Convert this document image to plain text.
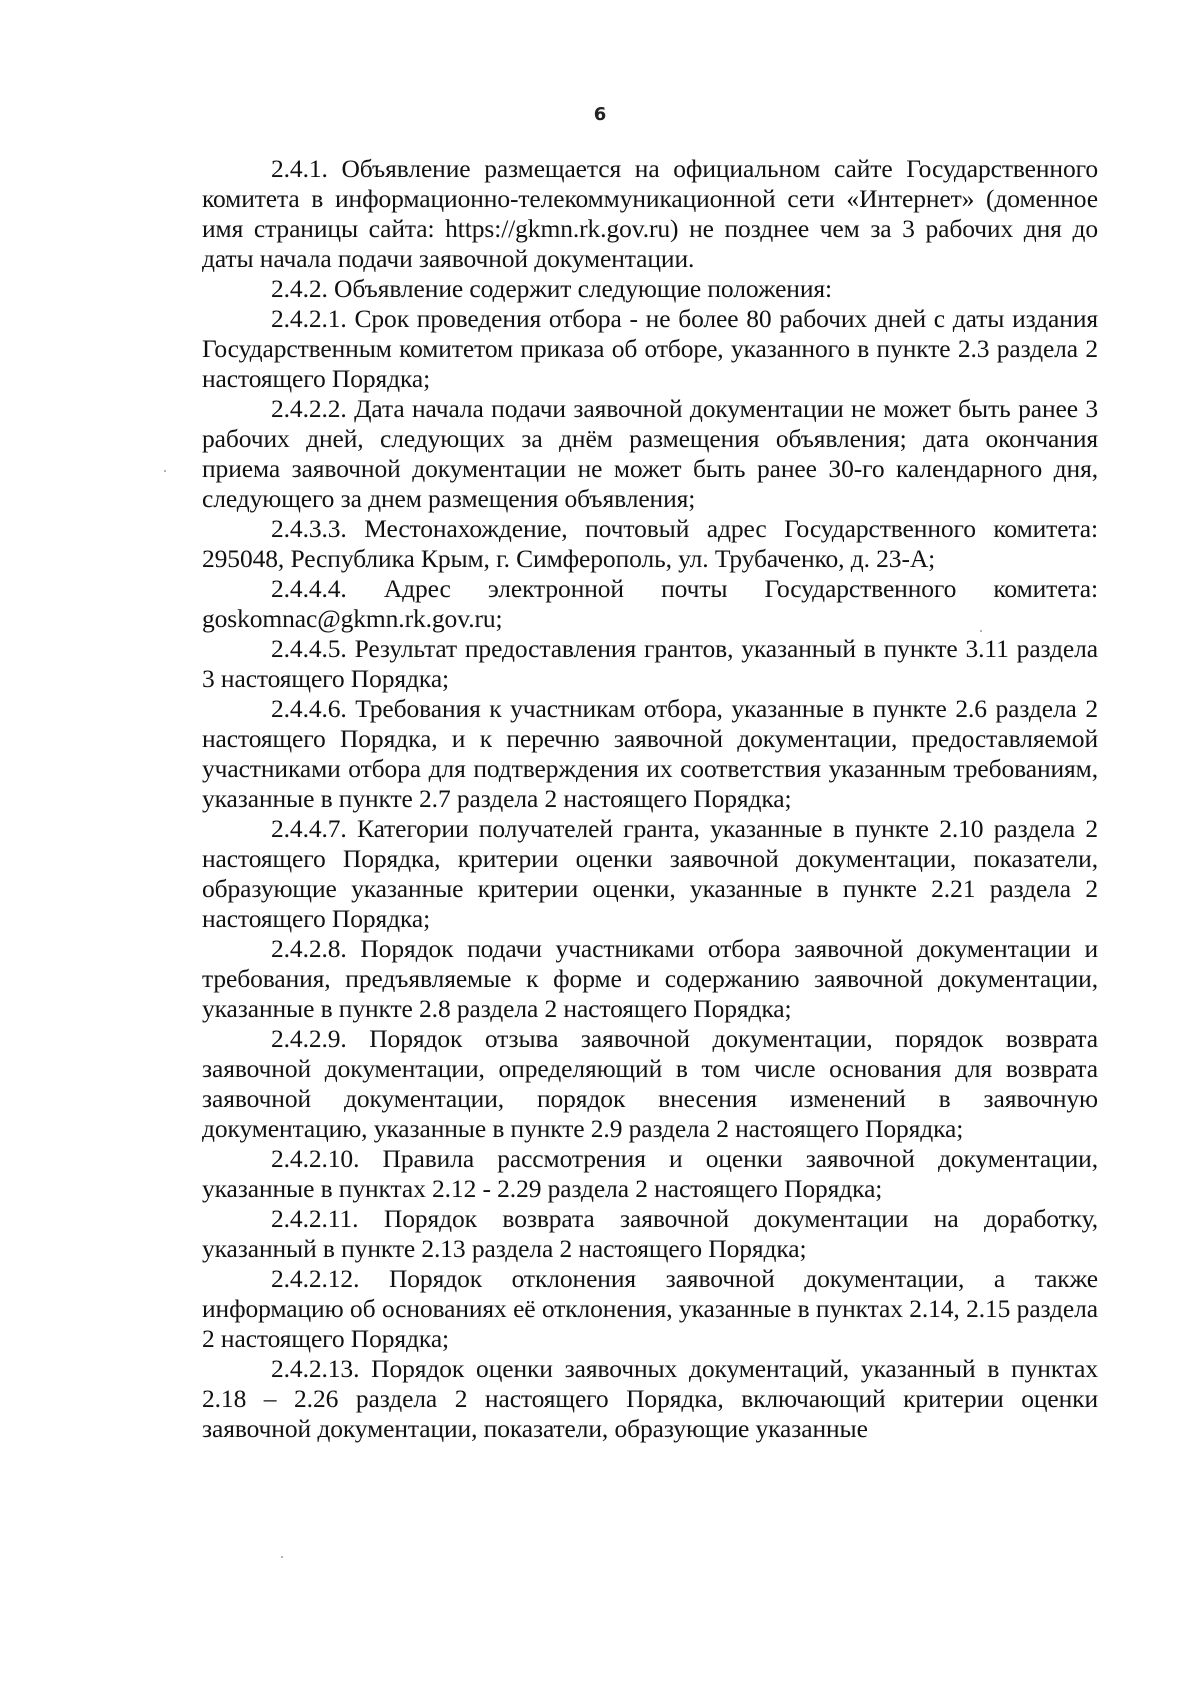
6

2.4.1. Объявление размещается на официальном сайте Государственного комитета в информационно-телекоммуникационной сети «Интернет» (доменное имя страницы сайта: https://gkmn.rk.gov.ru) не позднее чем за 3 рабочих дня до даты начала подачи заявочной документации.

2.4.2. Объявление содержит следующие положения:

2.4.2.1. Срок проведения отбора - не более 80 рабочих дней с даты издания Государственным комитетом приказа об отборе, указанного в пункте 2.3 раздела 2 настоящего Порядка;

2.4.2.2. Дата начала подачи заявочной документации не может быть ранее 3 рабочих дней, следующих за днём размещения объявления; дата окончания приема заявочной документации не может быть ранее 30-го календарного дня, следующего за днем размещения объявления;

2.4.3.3. Местонахождение, почтовый адрес Государственного комитета: 295048, Республика Крым, г. Симферополь, ул. Трубаченко, д. 23-А;

2.4.4.4. Адрес электронной почты Государственного комитета: goskomnac@gkmn.rk.gov.ru;

2.4.4.5. Результат предоставления грантов, указанный в пункте 3.11 раздела 3 настоящего Порядка;

2.4.4.6. Требования к участникам отбора, указанные в пункте 2.6 раздела 2 настоящего Порядка, и к перечню заявочной документации, предоставляемой участниками отбора для подтверждения их соответствия указанным требованиям, указанные в пункте 2.7 раздела 2 настоящего Порядка;

2.4.4.7. Категории получателей гранта, указанные в пункте 2.10 раздела 2 настоящего Порядка, критерии оценки заявочной документации, показатели, образующие указанные критерии оценки, указанные в пункте 2.21 раздела 2 настоящего Порядка;

2.4.2.8. Порядок подачи участниками отбора заявочной документации и требования, предъявляемые к форме и содержанию заявочной документации, указанные в пункте 2.8 раздела 2 настоящего Порядка;

2.4.2.9. Порядок отзыва заявочной документации, порядок возврата заявочной документации, определяющий в том числе основания для возврата заявочной документации, порядок внесения изменений в заявочную документацию, указанные в пункте 2.9 раздела 2 настоящего Порядка;

2.4.2.10. Правила рассмотрения и оценки заявочной документации, указанные в пунктах 2.12 - 2.29 раздела 2 настоящего Порядка;

2.4.2.11. Порядок возврата заявочной документации на доработку, указанный в пункте 2.13 раздела 2 настоящего Порядка;

2.4.2.12. Порядок отклонения заявочной документации, а также информацию об основаниях её отклонения, указанные в пунктах 2.14, 2.15 раздела 2 настоящего Порядка;

2.4.2.13. Порядок оценки заявочных документаций, указанный в пунктах 2.18 – 2.26 раздела 2 настоящего Порядка, включающий критерии оценки заявочной документации, показатели, образующие указанные
